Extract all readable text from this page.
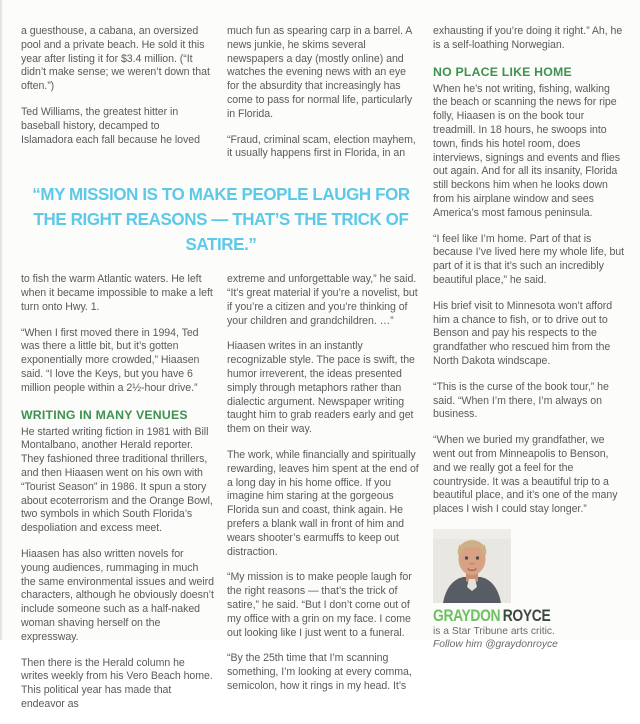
a guesthouse, a cabana, an oversized pool and a private beach. He sold it this year after listing it for $3.4 million. (“It didn’t make sense; we weren’t down that often.”)

Ted Williams, the greatest hitter in baseball history, decamped to Islamadora each fall because he loved

much fun as spearing carp in a barrel. A news junkie, he skims several newspapers a day (mostly online) and watches the evening news with an eye for the absurdity that increasingly has come to pass for normal life, particularly in Florida.

“Fraud, criminal scam, election mayhem, it usually happens first in Florida, in an

“MY MISSION IS TO MAKE PEOPLE LAUGH FOR THE RIGHT REASONS — THAT’S THE TRICK OF SATIRE.”

to fish the warm Atlantic waters. He left when it became impossible to make a left turn onto Hwy. 1.

“When I first moved there in 1994, Ted was there a little bit, but it’s gotten exponentially more crowded,” Hiaasen said. “I love the Keys, but you have 6 million people within a 2½-hour drive.”

WRITING IN MANY VENUES

He started writing fiction in 1981 with Bill Montalbano, another Herald reporter. They fashioned three traditional thrillers, and then Hiaasen went on his own with “Tourist Season” in 1986. It spun a story about ecoterrorism and the Orange Bowl, two symbols in which South Florida’s despoliation and excess meet.

Hiaasen has also written novels for young audiences, rummaging in much the same environmental issues and weird characters, although he obviously doesn’t include someone such as a half-naked woman shaving herself on the expressway.

Then there is the Herald column he writes weekly from his Vero Beach home. This political year has made that endeavor as

extreme and unforgettable way,” he said. “It’s great material if you’re a novelist, but if you’re a citizen and you’re thinking of your children and grandchildren. …”

Hiaasen writes in an instantly recognizable style. The pace is swift, the humor irreverent, the ideas presented simply through metaphors rather than dialectic argument. Newspaper writing taught him to grab readers early and get them on their way.

The work, while financially and spiritually rewarding, leaves him spent at the end of a long day in his home office. If you imagine him staring at the gorgeous Florida sun and coast, think again. He prefers a blank wall in front of him and wears shooter’s earmuffs to keep out distraction.

“My mission is to make people laugh for the right reasons — that’s the trick of satire,” he said. “But I don’t come out of my office with a grin on my face. I come out looking like I just went to a funeral.

“By the 25th time that I’m scanning something, I’m looking at every comma, semicolon, how it rings in my head. It’s

exhausting if you’re doing it right.” Ah, he is a self-loathing Norwegian.

NO PLACE LIKE HOME

When he’s not writing, fishing, walking the beach or scanning the news for ripe folly, Hiaasen is on the book tour treadmill. In 18 hours, he swoops into town, finds his hotel room, does interviews, signings and events and flies out again. And for all its insanity, Florida still beckons him when he looks down from his airplane window and sees America’s most famous peninsula.

“I feel like I’m home. Part of that is because I’ve lived here my whole life, but part of it is that it’s such an incredibly beautiful place,” he said.

His brief visit to Minnesota won’t afford him a chance to fish, or to drive out to Benson and pay his respects to the grandfather who rescued him from the North Dakota windscape.

“This is the curse of the book tour,” he said. “When I’m there, I’m always on business.

“When we buried my grandfather, we went out from Minneapolis to Benson, and we really got a feel for the countryside. It was a beautiful trip to a beautiful place, and it’s one of the many places I wish I could stay longer.”

GRAYDON ROYCE

is a Star Tribune arts critic.

Follow him @graydonroyce
